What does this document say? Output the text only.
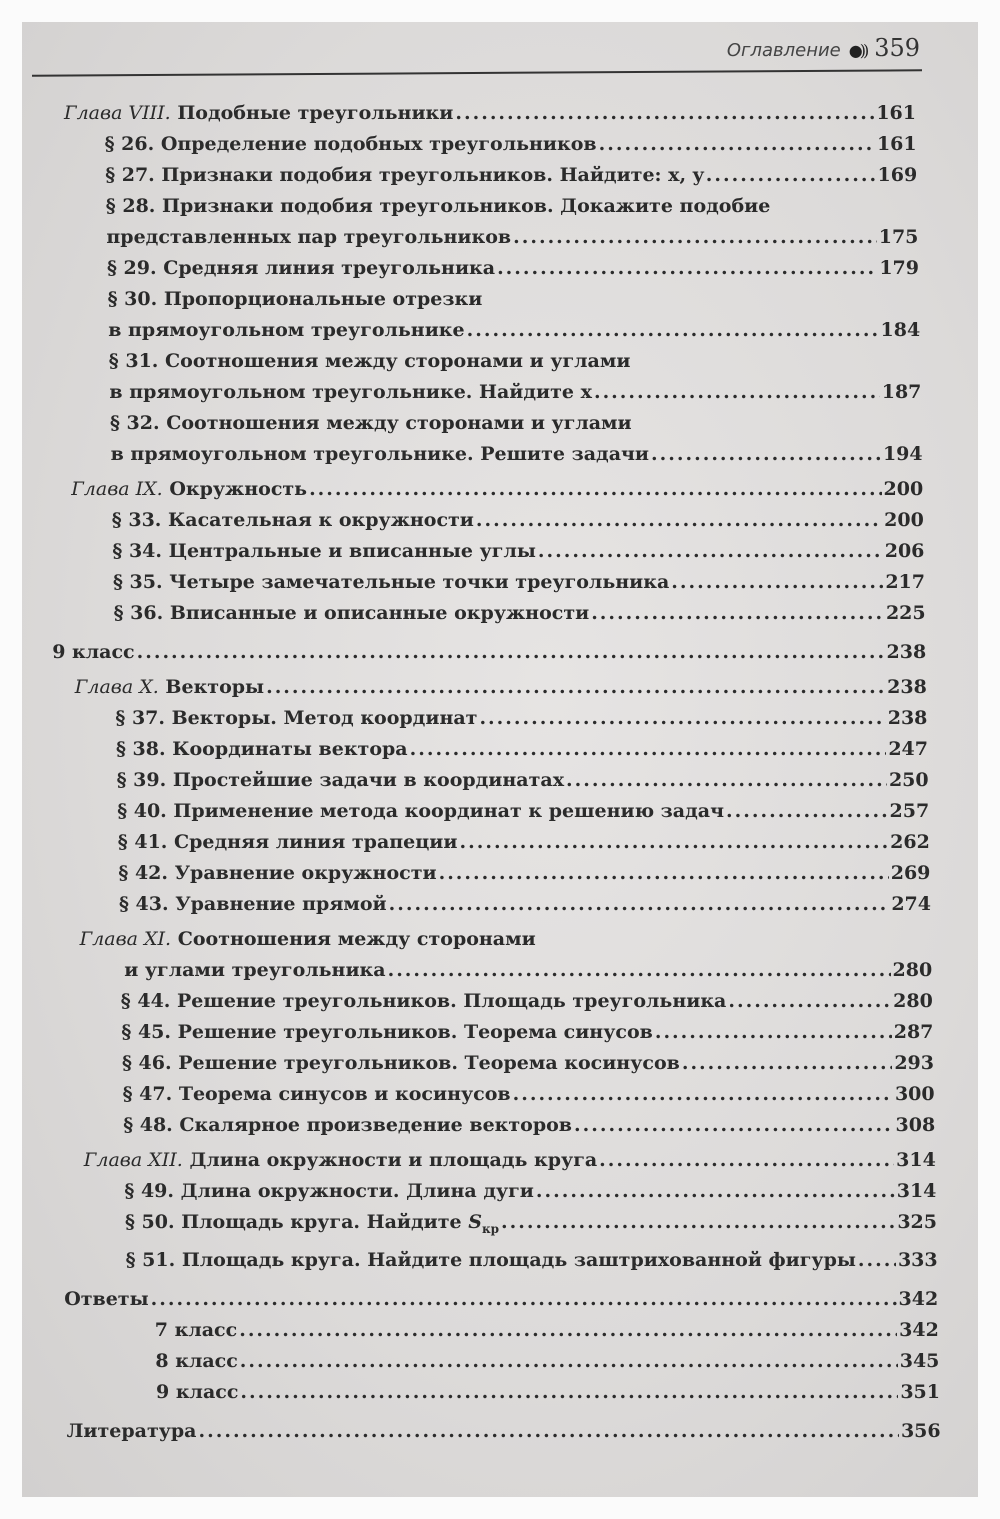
Оглавление ●)) 359
Глава VIII. Подобные треугольники .....	161
§ 26. Определение подобных треугольников .....	161
§ 27. Признаки подобия треугольников. Найдите: x, y .....	169
§ 28. Признаки подобия треугольников. Докажите подобие
представленных пар треугольников .....	175
§ 29. Средняя линия треугольника .....	179
§ 30. Пропорциональные отрезки
в прямоугольном треугольнике .....	184
§ 31. Соотношения между сторонами и углами
в прямоугольном треугольнике. Найдите x .....	187
§ 32. Соотношения между сторонами и углами
в прямоугольном треугольнике. Решите задачи .....	194
Глава IX. Окружность .....	200
§ 33. Касательная к окружности .....	200
§ 34. Центральные и вписанные углы .....	206
§ 35. Четыре замечательные точки треугольника .....	217
§ 36. Вписанные и описанные окружности .....	225
9 класс .....	238
Глава X. Векторы .....	238
§ 37. Векторы. Метод координат .....	238
§ 38. Координаты вектора .....	247
§ 39. Простейшие задачи в координатах .....	250
§ 40. Применение метода координат к решению задач .....	257
§ 41. Средняя линия трапеции .....	262
§ 42. Уравнение окружности .....	269
§ 43. Уравнение прямой .....	274
Глава XI. Соотношения между сторонами
и углами треугольника .....	280
§ 44. Решение треугольников. Площадь треугольника .....	280
§ 45. Решение треугольников. Теорема синусов .....	287
§ 46. Решение треугольников. Теорема косинусов .....	293
§ 47. Теорема синусов и косинусов .....	300
§ 48. Скалярное произведение векторов .....	308
Глава XII. Длина окружности и площадь круга .....	314
§ 49. Длина окружности. Длина дуги .....	314
§ 50. Площадь круга. Найдите $S_{кр}$ .....	325
§ 51. Площадь круга. Найдите площадь заштрихованной фигуры ..... 333
Ответы .....	342
7 класс .....	342
8 класс .....	345
9 класс .....	351
Литература .....	356
